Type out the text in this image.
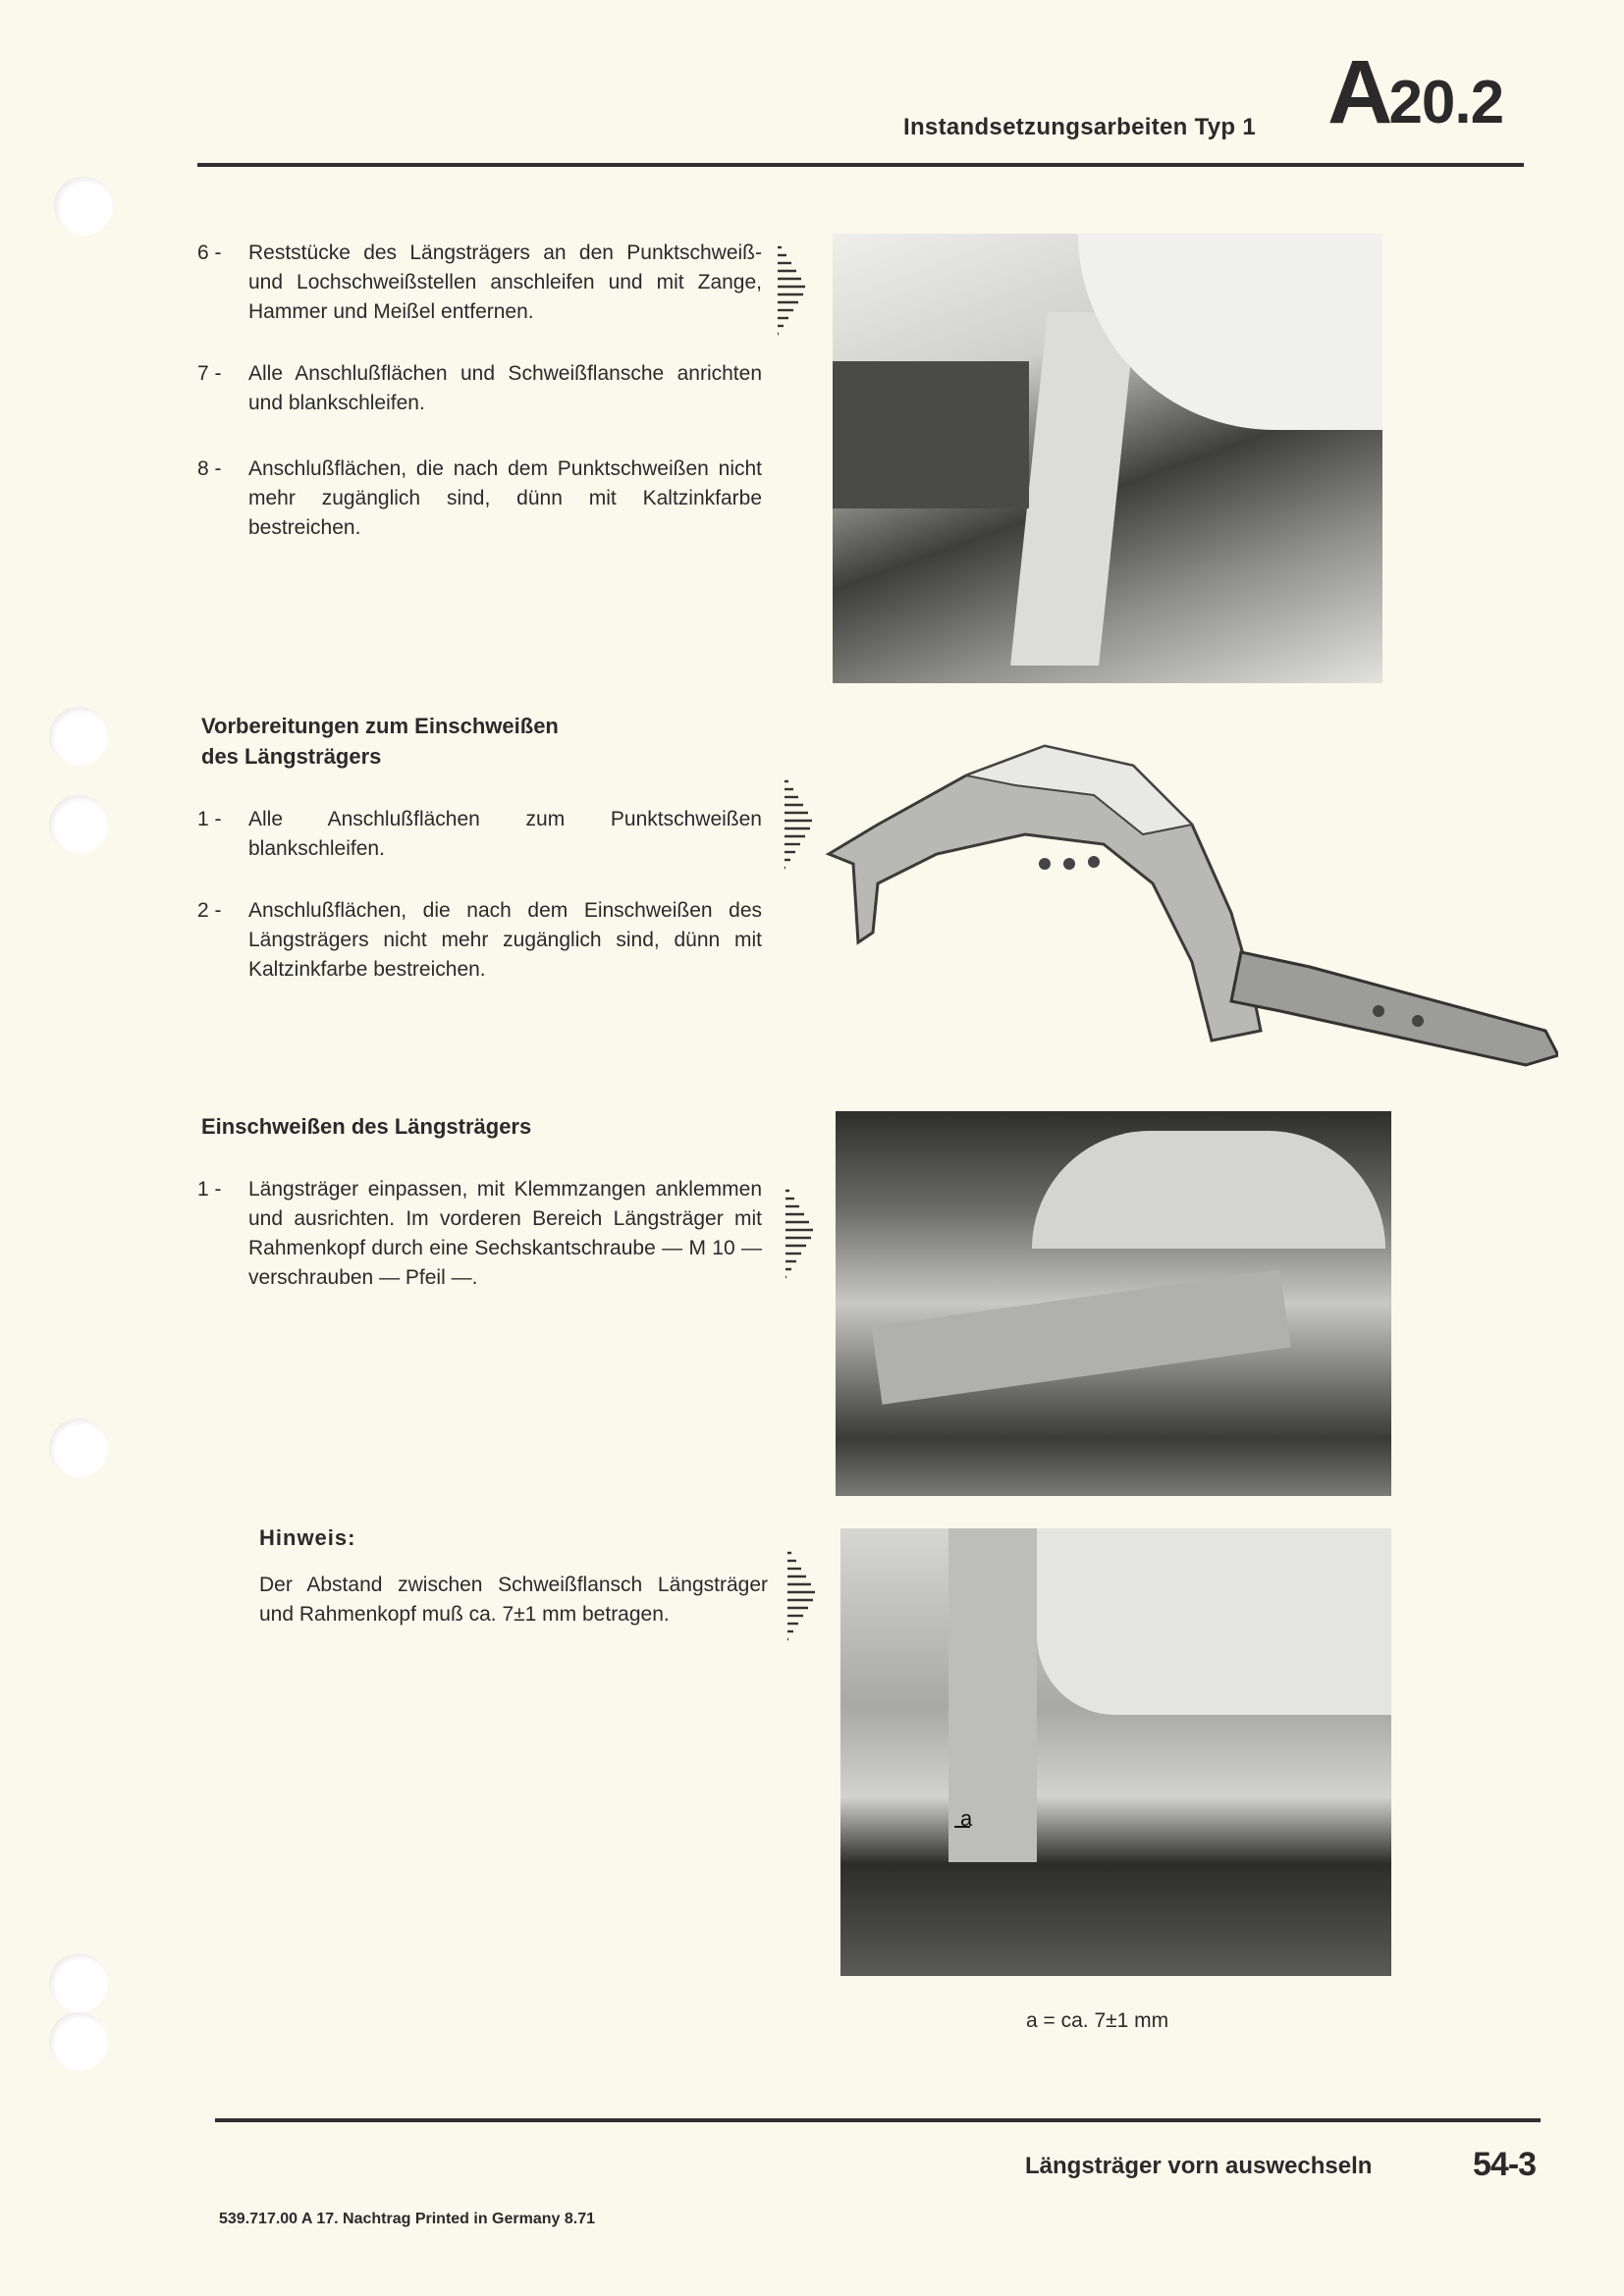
Instandsetzungsarbeiten Typ 1 A20.2
6 - Reststücke des Längsträgers an den Punktschweiß- und Lochschweißstellen anschleifen und mit Zange, Hammer und Meißel entfernen.
7 - Alle Anschlußflächen und Schweißflansche anrichten und blankschleifen.
8 - Anschlußflächen, die nach dem Punktschweißen nicht mehr zugänglich sind, dünn mit Kaltzinkfarbe bestreichen.
Vorbereitungen zum Einschweißen
des Längsträgers
1 - Alle Anschlußflächen zum Punktschweißen blankschleifen.
2 - Anschlußflächen, die nach dem Einschweißen des Längsträgers nicht mehr zugänglich sind, dünn mit Kaltzinkfarbe bestreichen.
Einschweißen des Längsträgers
1 - Längsträger einpassen, mit Klemmzangen anklemmen und ausrichten. Im vorderen Bereich Längsträger mit Rahmenkopf durch eine Sechskantschraube — M 10 — verschrauben — Pfeil —.
Hinweis:
Der Abstand zwischen Schweißflansch Längsträger und Rahmenkopf muß ca. 7±1 mm betragen.
a
a = ca. 7±1 mm
Längsträger vorn auswechseln	54-3
539.717.00 A 17. Nachtrag Printed in Germany 8.71
